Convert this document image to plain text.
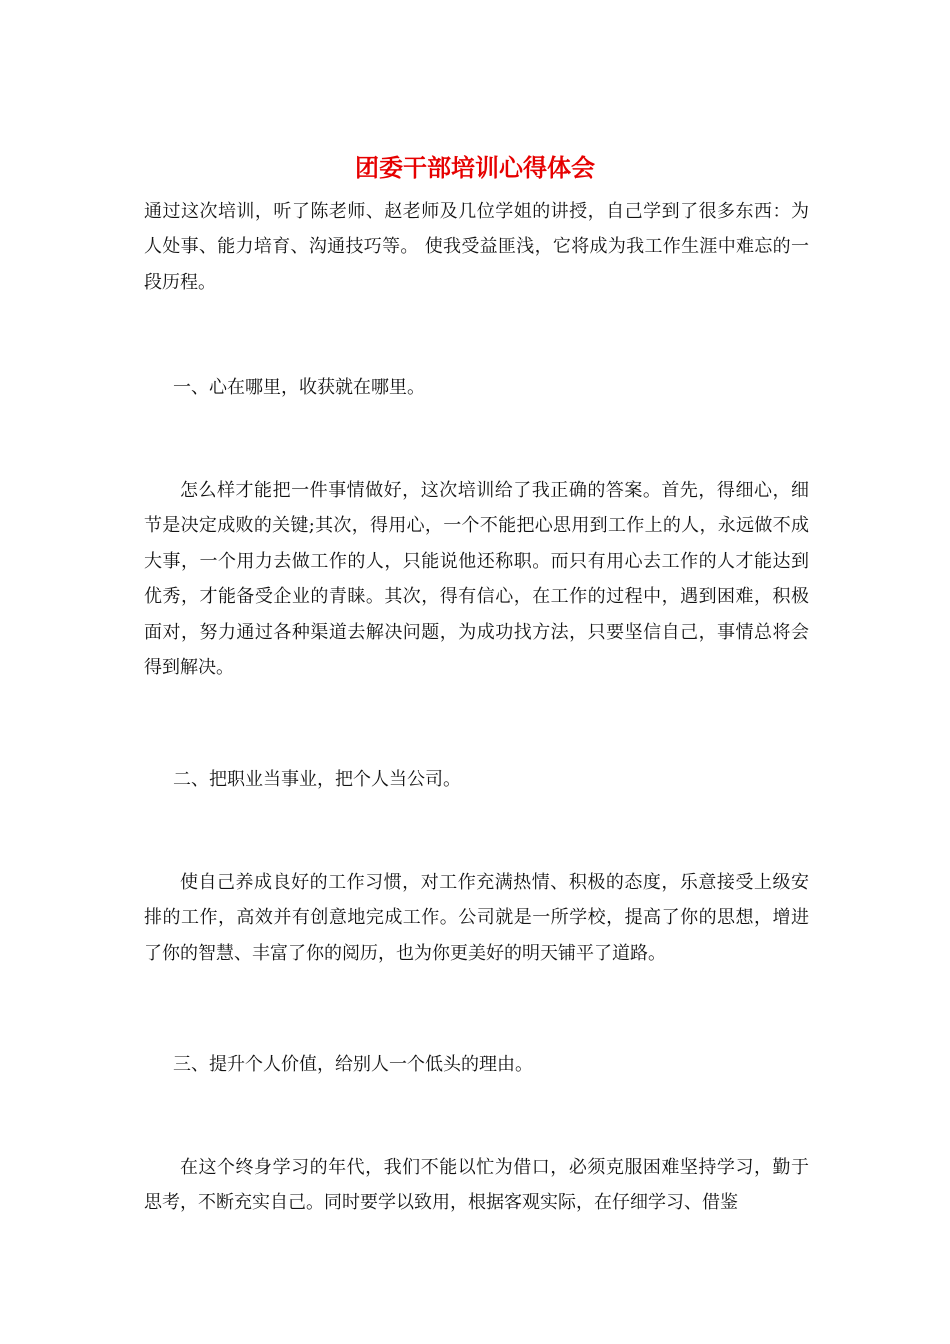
团委干部培训心得体会

通过这次培训，听了陈老师、赵老师及几位学姐的讲授，自己学到了很多东西：为人处事、能力培育、沟通技巧等。 使我受益匪浅，它将成为我工作生涯中难忘的一段历程。

一、心在哪里，收获就在哪里。

怎么样才能把一件事情做好，这次培训给了我正确的答案。首先，得细心，细节是决定成败的关键;其次，得用心，一个不能把心思用到工作上的人，永远做不成大事，一个用力去做工作的人，只能说他还称职。而只有用心去工作的人才能达到优秀，才能备受企业的青睐。其次，得有信心，在工作的过程中，遇到困难，积极面对，努力通过各种渠道去解决问题，为成功找方法，只要坚信自己，事情总将会得到解决。

二、把职业当事业，把个人当公司。

使自己养成良好的工作习惯，对工作充满热情、积极的态度，乐意接受上级安排的工作，高效并有创意地完成工作。公司就是一所学校，提高了你的思想，增进了你的智慧、丰富了你的阅历，也为你更美好的明天铺平了道路。

三、提升个人价值，给别人一个低头的理由。

在这个终身学习的年代，我们不能以忙为借口，必须克服困难坚持学习，勤于思考，不断充实自己。同时要学以致用，根据客观实际，在仔细学习、借鉴
